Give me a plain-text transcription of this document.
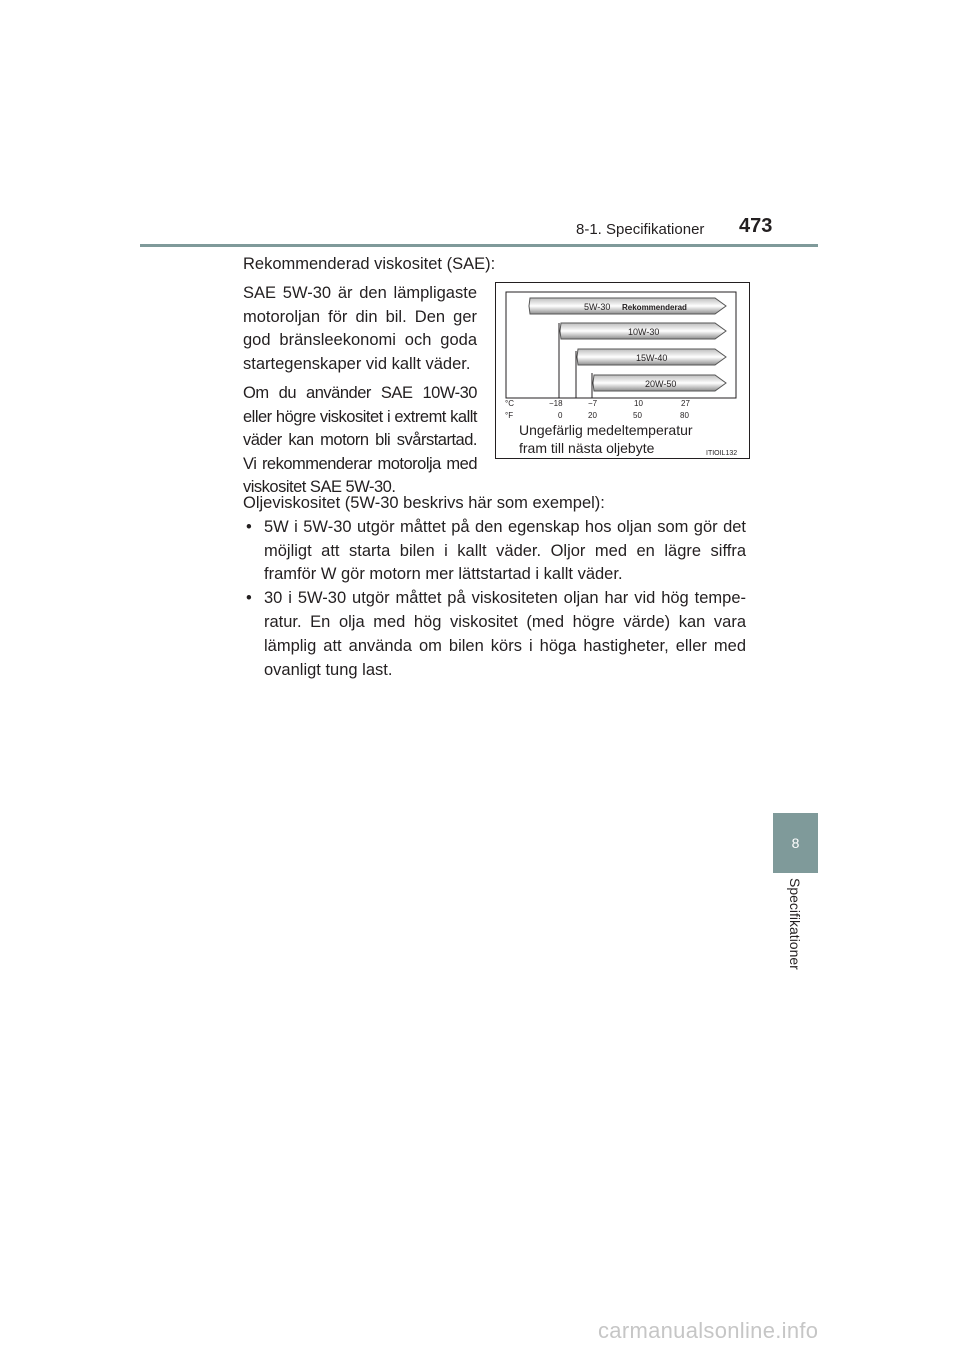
8-1. Specifikationer 473
Rekommenderad viskositet (SAE):

SAE 5W-30 är den lämpligaste motoroljan för din bil. Den ger god bränsleekonomi och goda startegenskaper vid kallt väder.

Om du använder SAE 10W-30 eller högre viskositet i extremt kallt väder kan motorn bli svårstartad. Vi rekommenderar motorolja med viskositet SAE 5W-30.

5W-30 Rekommenderad
10W-30
15W-40
20W-50
°C
°F
−18	−7	10	27
0	20	50	80
Ungefärlig medeltemperatur
fram till nästa oljebyte	ITIOIL132

Oljeviskositet (5W-30 beskrivs här som exempel):

• 5W i 5W-30 utgör måttet på den egenskap hos oljan som gör det möjligt att starta bilen i kallt väder. Oljor med en lägre siffra framför W gör motorn mer lättstartad i kallt väder.
• 30 i 5W-30 utgör måttet på viskositeten oljan har vid hög tempe-ratur. En olja med hög viskositet (med högre värde) kan vara lämplig att använda om bilen körs i höga hastigheter, eller med ovanligt tung last.
8
Specifikationer
carmanualsonline.info
